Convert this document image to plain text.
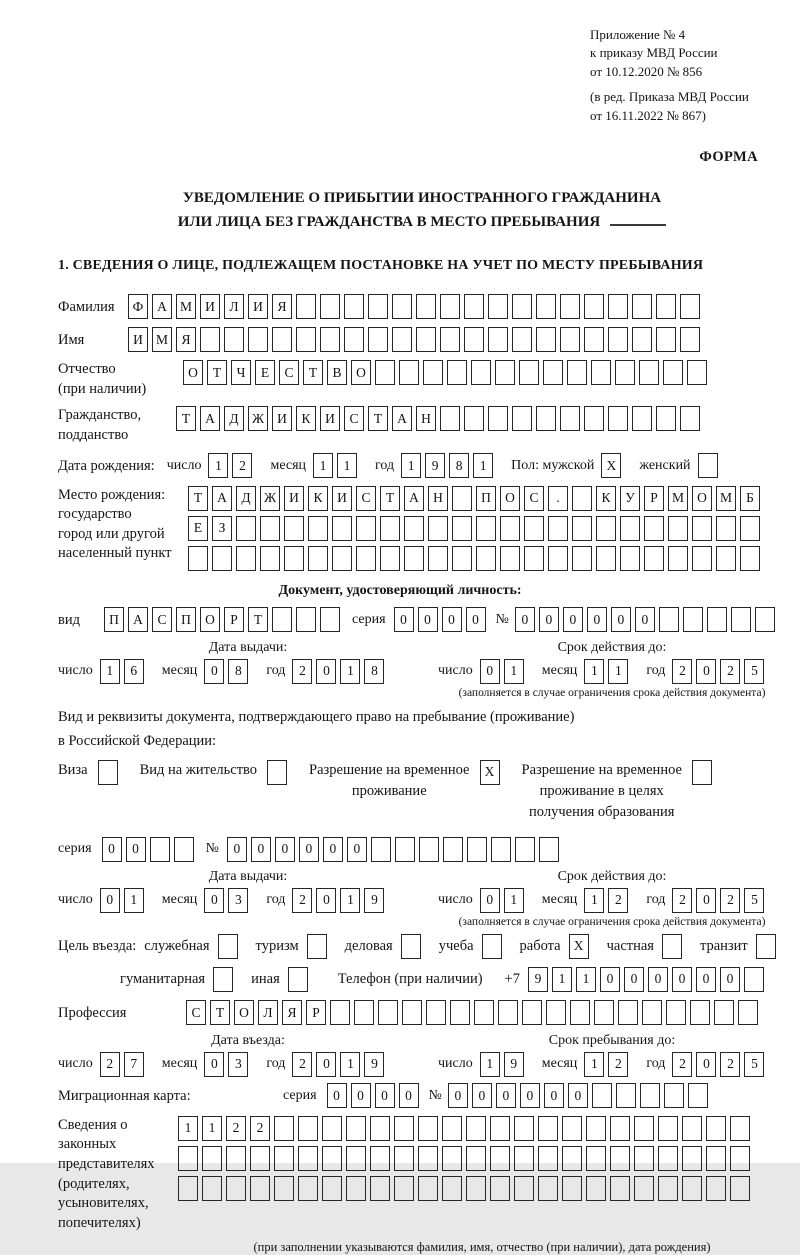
Приложение № 4
к приказу МВД России
от 10.12.2020 № 856
(в ред. Приказа МВД России
от 16.11.2022 № 867)
ФОРМА
УВЕДОМЛЕНИЕ О ПРИБЫТИИ ИНОСТРАННОГО ГРАЖДАНИНА
ИЛИ ЛИЦА БЕЗ ГРАЖДАНСТВА В МЕСТО ПРЕБЫВАНИЯ
1. СВЕДЕНИЯ О ЛИЦЕ, ПОДЛЕЖАЩЕМ ПОСТАНОВКЕ НА УЧЕТ ПО МЕСТУ ПРЕБЫВАНИЯ
Фамилия	Ф	А М И	Л	И	Я
Имя	И М Я
Отчество
(при наличии)
О	Т	Ч	Е	С	Т	В	О
Гражданство,
подданство
Т	А	Д Ж И	К	И	С	Т	А	Н
Дата рождения: число	1	2	месяц	1	1	год	1	9	8	1	Пол: мужской X	женский
Место рождения:
государство
город или другой
населенный пункт
Т	А	Д Ж И	К	И	С	Т	А	Н	П	О	С	.	К	У	Р	М О М	Б
Е	З
Документ, удостоверяющий личность:
вид	П	А	С	П	О	Р	Т	серия	0	0	0	0	№ 0	0	0	0	0	0
Дата выдачи:
число	1	6	месяц	0	8	год	2	0	1	8
Срок действия до:
число	0	1	месяц	1	1	год	2	0	2	5
(заполняется в случае ограничения срока действия документа)
Вид и реквизиты документа, подтверждающего право на пребывание (проживание)
в Российской Федерации:
Виза	Вид на жительство	Разрешение на временное
проживание
X	Разрешение на временное
проживание в целях
получения образования
серия	0	0	№	0	0	0	0	0	0
Дата выдачи:
число	0	1	месяц	0	3	год	2	0	1	9
Срок действия до:
число	0	1	месяц	1	2	год	2	0	2	5
(заполняется в случае ограничения срока действия документа)
Цель въезда: служебная	туризм	деловая	учеба	работа X	частная	транзит
гуманитарная	иная	Телефон (при наличии) +7	9	1	1	0	0	0	0	0	0
Профессия	С	Т	О	Л	Я	Р
Дата въезда:
число	2	7	месяц	0	3	год	2	0	1	9
Срок пребывания до:
число	1	9	месяц	1	2	год	2	0	2	5
Миграционная карта:	серия	0	0	0	0	№ 0	0	0	0	0	0
Сведения о
законных
представителях
(родителях,
усыновителях,
попечителях)
1	1	2	2
(при заполнении указываются фамилия, имя, отчество (при наличии), дата рождения)
